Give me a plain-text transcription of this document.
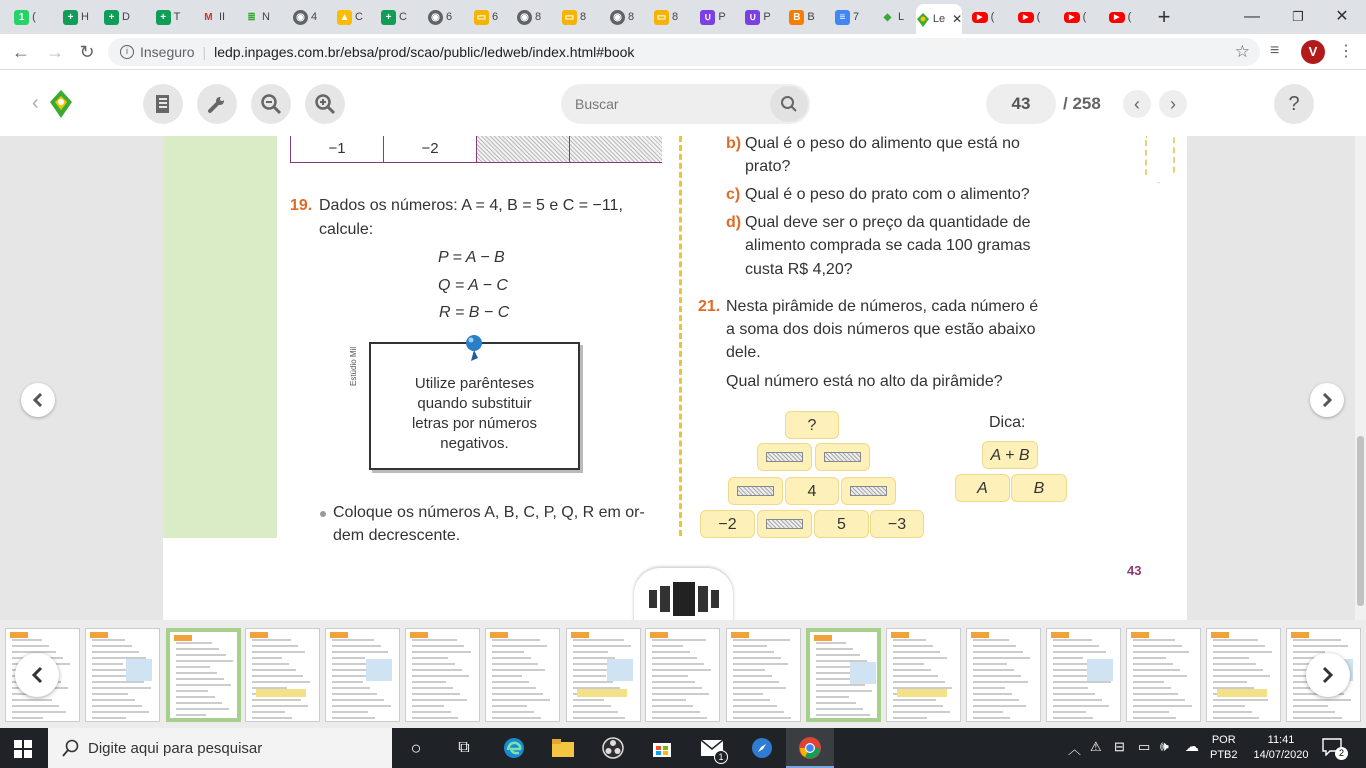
1 (	+ H	+ D	+ T	M II	≣ N	◉ 4 ▲ C	+ C	◉ 6 ▭ 6	◉ 8 ▭ 8	◉ 8 ▭ 8	∪ P	∪ P	B B	≡ 7	◆ L	Le ✕	▶ (	▶ (	▶ (	▶ (	—	❐	✕
+
← → ↻	i Inseguro | ledp.inpages.com.br/ebsa/prod/scao/public/ledweb/index.html#book	☆ ≡	V	⋮
‹	Buscar	43	/ 258	‹	›	?
−1	−2
19. Dados os números: A = 4, B = 5 e C = −11,
calcule:
P = A − B
Q = A − C
R = B − C
Estúdio Mil	Utilize parênteses
quando substituir
letras por números
negativos.
Coloque os números A, B, C, P, Q, R em or-
dem decrescente.
b) Qual é o peso do alimento que está no
prato?
c) Qual é o peso do prato com o alimento?
d) Qual deve ser o preço da quantidade de
alimento comprada se cada 100 gramas
custa R$ 4,20?
21. Nesta pirâmide de números, cada número é
a soma dos dois números que estão abaixo
dele.
Qual número está no alto da pirâmide?
?
4
−2	5	−3
Dica:
A + B
A	B
43
Digite aqui para pesquisar	○	⧉
1	︿ ⚠ ⊟ ▭ 🕪 ☁ POR
PTB2
11:41
14/07/2020	2
